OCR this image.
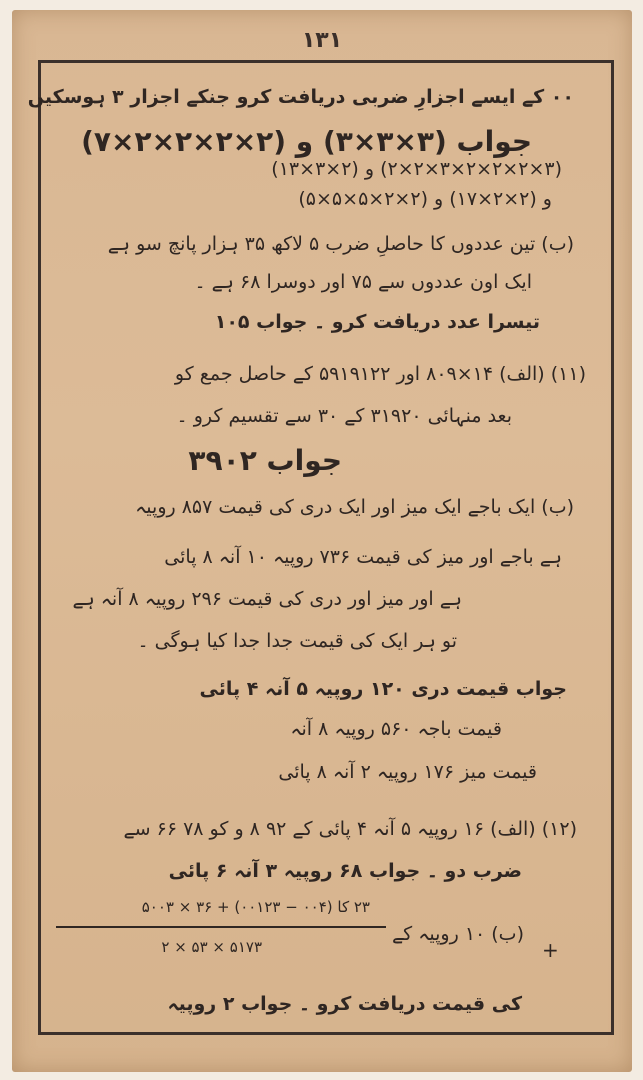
۱۳۱
۰۰ کے ایسے اجزارِ ضربی دریافت کرو جنکے اجزار ۳ ہوسکیں
جواب (۳×۳×۳) و (۲×۲×۲×۲×۷)
(۳×۲×۲×۲×۳×۲×۲) و (۲×۳×۱۳)
و (۲×۲×۱۷) و (۲×۲×۵×۵×۵)
(ب) تین عددوں کا حاصلِ ضرب ۵ لاکھ ۳۵ ہزار پانچ سو ہے
ایک اون عددوں سے ۷۵ اور دوسرا ۶۸ ہے ۔
تیسرا عدد دریافت کرو ۔ جواب ۱۰۵
(۱۱) (الف) ۱۴×۸۰۹ اور ۵۹۱۹۱۲۲ کے حاصل جمع کو
بعد منہائی ۳۱۹۲۰ کے ۳۰ سے تقسیم کرو ۔
جواب ۳۹۰۲
(ب) ایک باجے ایک میز اور ایک دری کی قیمت ۸۵۷ روپیہ
ہے باجے اور میز کی قیمت ۷۳۶ روپیہ ۱۰ آنہ ۸ پائی
ہے اور میز اور دری کی قیمت ۲۹۶ روپیہ ۸ آنہ ہے
تو ہر ایک کی قیمت جدا جدا کیا ہوگی ۔
جواب قیمت دری ۱۲۰ روپیہ ۵ آنہ ۴ پائی
قیمت باجہ ۵۶۰ روپیہ ۸ آنہ
قیمت میز ۱۷۶ روپیہ ۲ آنہ ۸ پائی
(۱۲) (الف) ۱۶ روپیہ ۵ آنہ ۴ پائی کے ۹۲ ۸ و کو ۷۸ ۶۶ سے
ضرب دو ۔ جواب ۶۸ روپیہ ۳ آنہ ۶ پائی
۲۳ کا (۰۰۴ − ۰۰۱۲۳) + ۳۶ × ۵۰۰۳
(ب) ۱۰ روپیہ کے
۲ × ۵۳ × ۵۱۷۳	+
کی قیمت دریافت کرو ۔ جواب ۲ روپیہ
